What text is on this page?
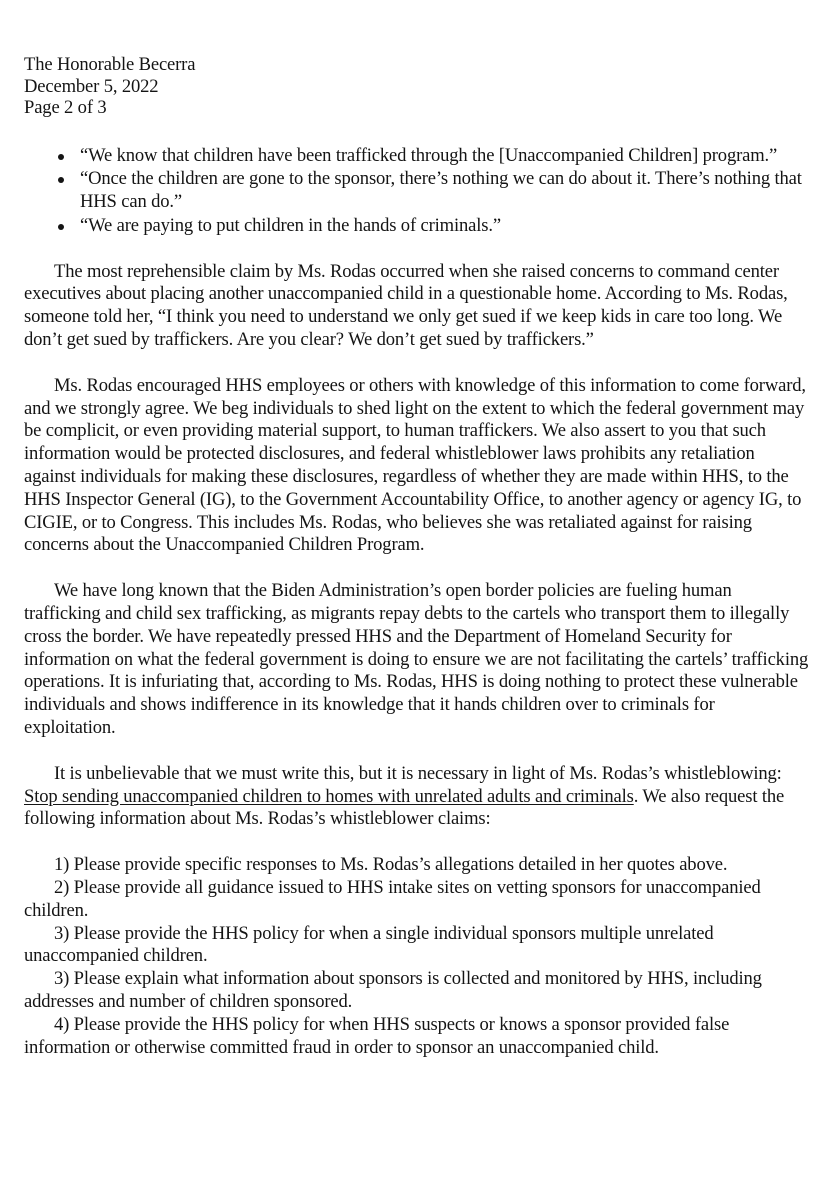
The Honorable Becerra
December 5, 2022
Page 2 of 3
“We know that children have been trafficked through the [Unaccompanied Children] program.”
“Once the children are gone to the sponsor, there’s nothing we can do about it. There’s nothing that HHS can do.”
“We are paying to put children in the hands of criminals.”

The most reprehensible claim by Ms. Rodas occurred when she raised concerns to command center executives about placing another unaccompanied child in a questionable home. According to Ms. Rodas, someone told her, “I think you need to understand we only get sued if we keep kids in care too long. We don’t get sued by traffickers. Are you clear? We don’t get sued by traffickers.”

Ms. Rodas encouraged HHS employees or others with knowledge of this information to come forward, and we strongly agree. We beg individuals to shed light on the extent to which the federal government may be complicit, or even providing material support, to human traffickers. We also assert to you that such information would be protected disclosures, and federal whistleblower laws prohibits any retaliation against individuals for making these disclosures, regardless of whether they are made within HHS, to the HHS Inspector General (IG), to the Government Accountability Office, to another agency or agency IG, to CIGIE, or to Congress. This includes Ms. Rodas, who believes she was retaliated against for raising concerns about the Unaccompanied Children Program.

We have long known that the Biden Administration’s open border policies are fueling human trafficking and child sex trafficking, as migrants repay debts to the cartels who transport them to illegally cross the border. We have repeatedly pressed HHS and the Department of Homeland Security for information on what the federal government is doing to ensure we are not facilitating the cartels’ trafficking operations. It is infuriating that, according to Ms. Rodas, HHS is doing nothing to protect these vulnerable individuals and shows indifference in its knowledge that it hands children over to criminals for exploitation.

It is unbelievable that we must write this, but it is necessary in light of Ms. Rodas’s whistleblowing: Stop sending unaccompanied children to homes with unrelated adults and criminals. We also request the following information about Ms. Rodas’s whistleblower claims:

1) Please provide specific responses to Ms. Rodas’s allegations detailed in her quotes above.

2) Please provide all guidance issued to HHS intake sites on vetting sponsors for unaccompanied children.

3) Please provide the HHS policy for when a single individual sponsors multiple unrelated unaccompanied children.

3) Please explain what information about sponsors is collected and monitored by HHS, including addresses and number of children sponsored.

4) Please provide the HHS policy for when HHS suspects or knows a sponsor provided false information or otherwise committed fraud in order to sponsor an unaccompanied child.
